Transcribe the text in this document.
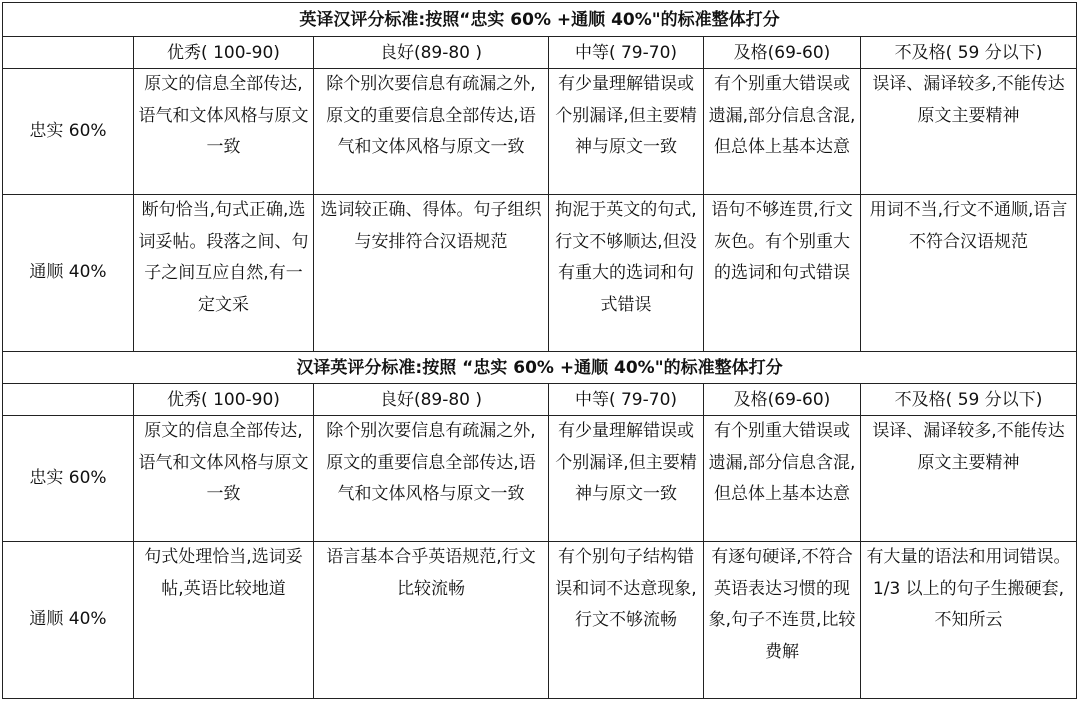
英译汉评分标准:按照“忠实 60% +通顺 40%"的标准整体打分					
	优秀( 100-90)	良好(89-80 )	中等( 79-70)	及格(69-60)	不及格( 59 分以下)
忠实 60%	原文的信息全部传达,语气和文体风格与原文一致	除个别次要信息有疏漏之外,原文的重要信息全部传达,语气和文体风格与原文一致	有少量理解错误或个别漏译,但主要精神与原文一致	有个别重大错误或遗漏,部分信息含混,但总体上基本达意	误译、漏译较多,不能传达原文主要精神
通顺 40%	断句恰当,句式正确,选词妥帖。段落之间、句子之间互应自然,有一定文采	选词较正确、得体。句子组织与安排符合汉语规范	拘泥于英文的句式,行文不够顺达,但没有重大的选词和句式错误	语句不够连贯,行文灰色。有个别重大的选词和句式错误	用词不当,行文不通顺,语言不符合汉语规范
汉译英评分标准:按照 “忠实 60% +通顺 40%"的标准整体打分					
	优秀( 100-90)	良好(89-80 )	中等( 79-70)	及格(69-60)	不及格( 59 分以下)
忠实 60%	原文的信息全部传达,语气和文体风格与原文一致	除个别次要信息有疏漏之外,原文的重要信息全部传达,语气和文体风格与原文一致	有少量理解错误或个别漏译,但主要精神与原文一致	有个别重大错误或遗漏,部分信息含混,但总体上基本达意	误译、漏译较多,不能传达原文主要精神
通顺 40%	句式处理恰当,选词妥帖,英语比较地道	语言基本合乎英语规范,行文比较流畅	有个别句子结构错误和词不达意现象,行文不够流畅	有逐句硬译,不符合英语表达习惯的现象,句子不连贯,比较费解	有大量的语法和用词错误。1/3 以上的句子生搬硬套,不知所云
